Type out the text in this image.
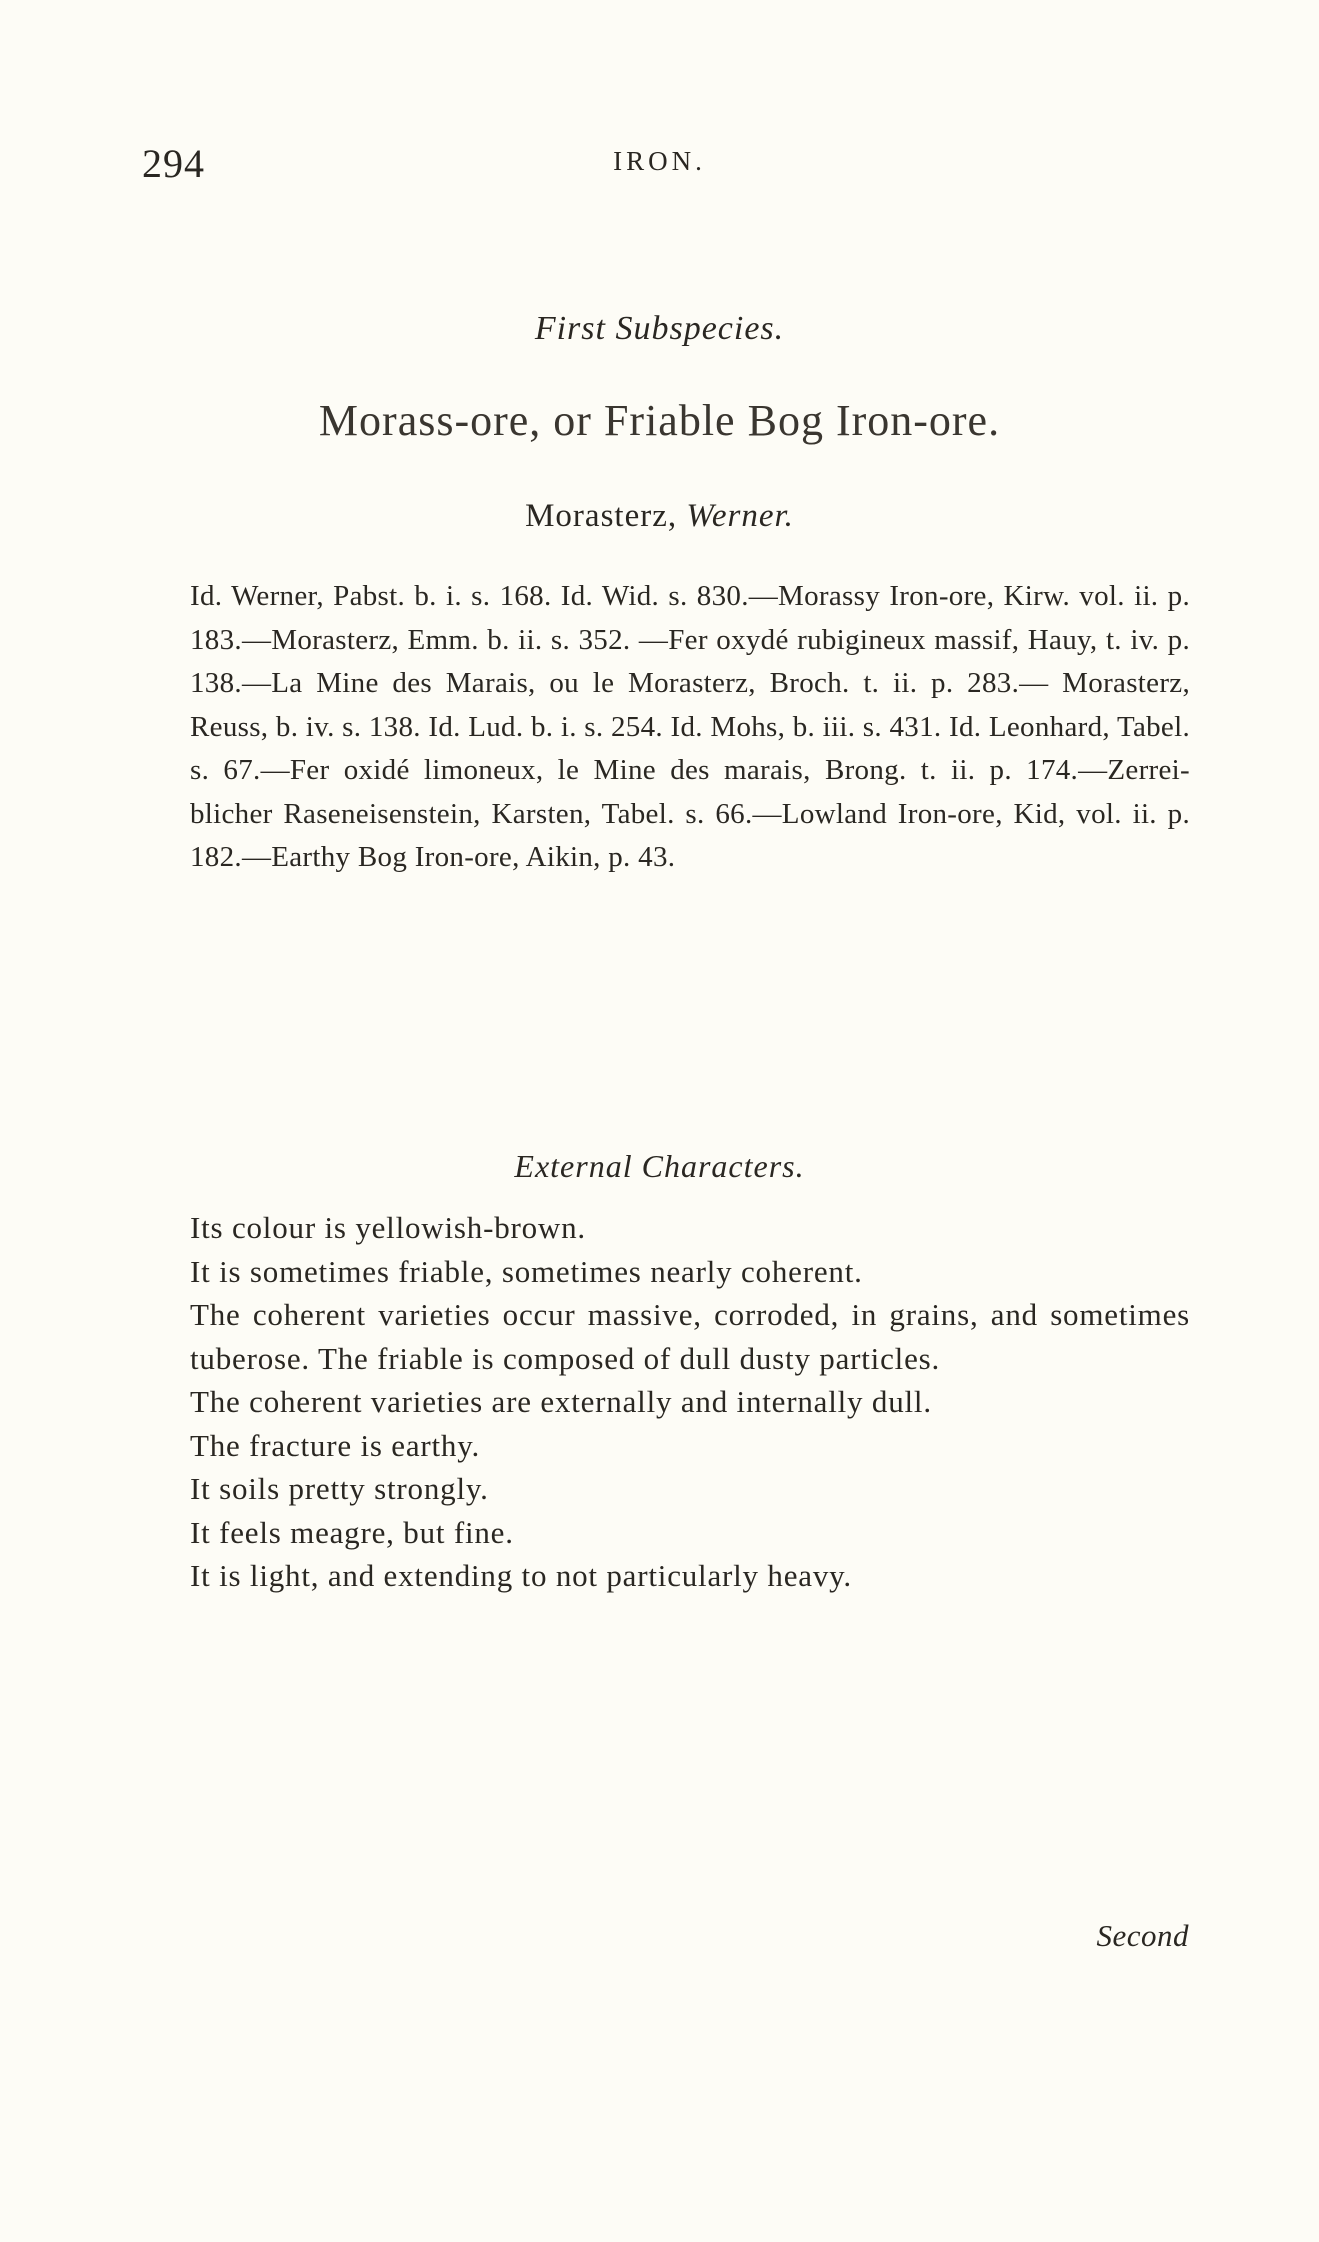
294	IRON.
First Subspecies.
Morass-ore, or Friable Bog Iron-ore.
Morasterz, Werner.

Id. Werner, Pabst. b. i. s. 168. Id. Wid. s. 830.—Morassy Iron-ore, Kirw. vol. ii. p. 183.—Morasterz, Emm. b. ii. s. 352. —Fer oxydé rubigineux massif, Hauy, t. iv. p. 138.—La Mine des Marais, ou le Morasterz, Broch. t. ii. p. 283.— Morasterz, Reuss, b. iv. s. 138. Id. Lud. b. i. s. 254. Id. Mohs, b. iii. s. 431. Id. Leonhard, Tabel. s. 67.—Fer oxidé limoneux, le Mine des marais, Brong. t. ii. p. 174.—Zerrei-blicher Raseneisenstein, Karsten, Tabel. s. 66.—Lowland Iron-ore, Kid, vol. ii. p. 182.—Earthy Bog Iron-ore, Aikin, p. 43.

External Characters.

Its colour is yellowish-brown.

It is sometimes friable, sometimes nearly coherent.

The coherent varieties occur massive, corroded, in grains, and sometimes tuberose. The friable is composed of dull dusty particles.

The coherent varieties are externally and internally dull.

The fracture is earthy.

It soils pretty strongly.

It feels meagre, but fine.

It is light, and extending to not particularly heavy.

Second
